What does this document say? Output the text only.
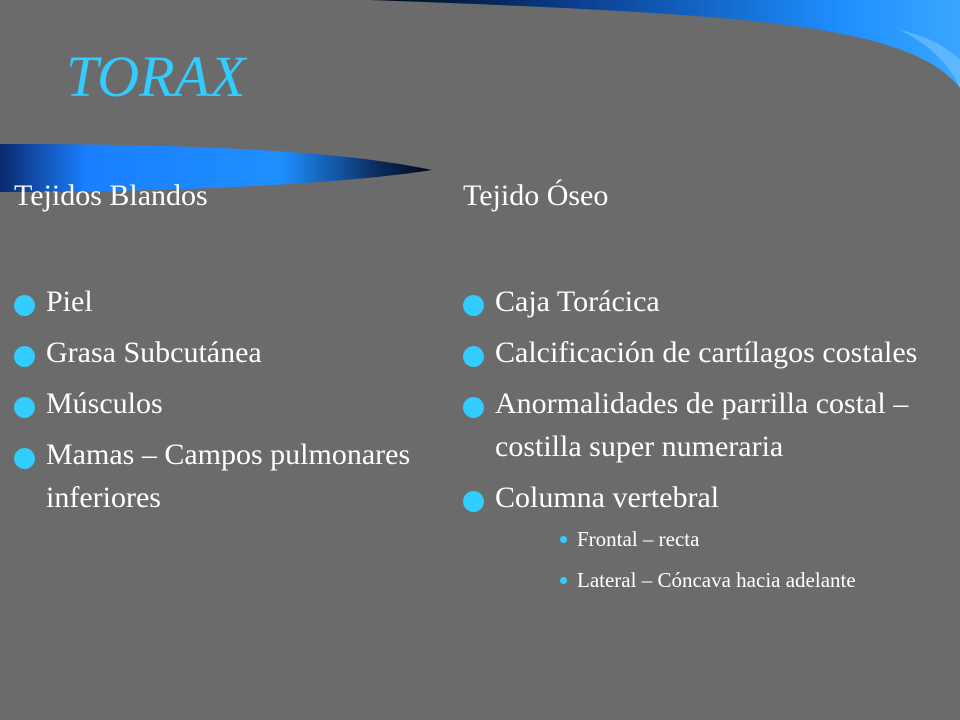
TORAX
Tejidos Blandos
Piel
Grasa Subcutánea
Músculos
Mamas – Campos pulmonares inferiores
Tejido Óseo
Caja Torácica
Calcificación de cartílagos costales
Anormalidades de parrilla costal – costilla super numeraria
Columna vertebral
Frontal – recta
Lateral – Cóncava hacia adelante
